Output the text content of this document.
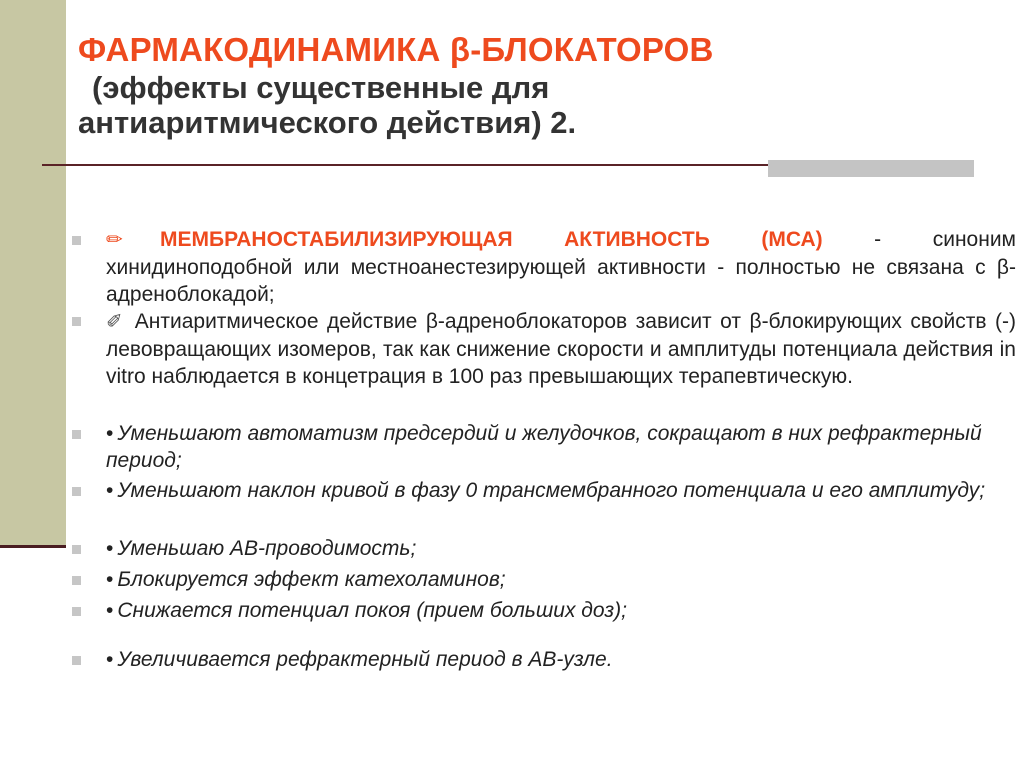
ФАРМАКОДИНАМИКА β-БЛОКАТОРОВ

(эффекты существенные для

антиаритмического действия) 2.

✏ МЕМБРАНОСТАБИЛИЗИРУЮЩАЯ АКТИВНОСТЬ (МСА) - синоним хинидиноподобной или местноанестезирующей активности - полностью не связана с β-адреноблокадой;
✐ Антиаритмическое действие β-адреноблокаторов зависит от β-блокирующих свойств (-) левовращающих изомеров, так как снижение скорости и амплитуды потенциала действия in vitro наблюдается в концетрация в 100 раз превышающих терапевтическую.
• Уменьшают автоматизм предсердий и желудочков, сокращают в них рефрактерный период;
• Уменьшают наклон кривой в фазу 0 трансмембранного потенциала и его амплитуду;
• Уменьшаю АВ-проводимость;
• Блокируется эффект катехоламинов;
• Снижается потенциал покоя (прием больших доз);
• Увеличивается рефрактерный период в АВ-узле.
